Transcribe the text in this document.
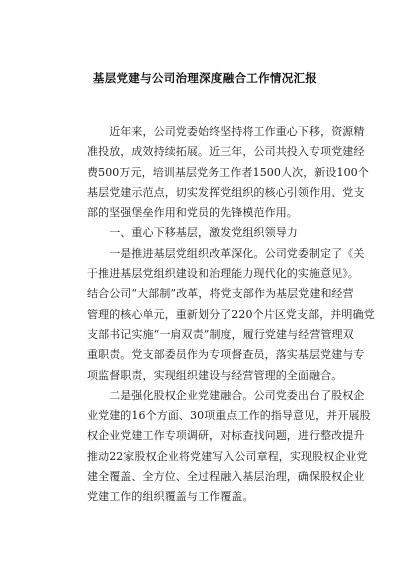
基层党建与公司治理深度融合工作情况汇报
　　近年来，公司党委始终坚持将工作重心下移，资源精
准投放，成效持续拓展。近三年，公司共投入专项党建经
费500万元，培训基层党务工作者1500人次，新设100个
基层党建示范点，切实发挥党组织的核心引领作用、党支
部的坚强堡垒作用和党员的先锋模范作用。
　　一、重心下移基层，激发党组织领导力
　　一是推进基层党组织改革深化。公司党委制定了《关
于推进基层党组织建设和治理能力现代化的实施意见》。
结合公司“大部制”改革，将党支部作为基层党建和经营
管理的核心单元，重新划分了220个片区党支部，并明确党
支部书记实施“一肩双责”制度，履行党建与经营管理双
重职责。党支部委员作为专项督查员，落实基层党建与专
项监督职责，实现组织建设与经营管理的全面融合。
　　二是强化股权企业党建融合。公司党委出台了股权企
业党建的16个方面、30项重点工作的指导意见，并开展股
权企业党建工作专项调研，对标查找问题，进行整改提升
推动22家股权企业将党建写入公司章程，实现股权企业党
建全覆盖、全方位、全过程融入基层治理，确保股权企业
党建工作的组织覆盖与工作覆盖。
